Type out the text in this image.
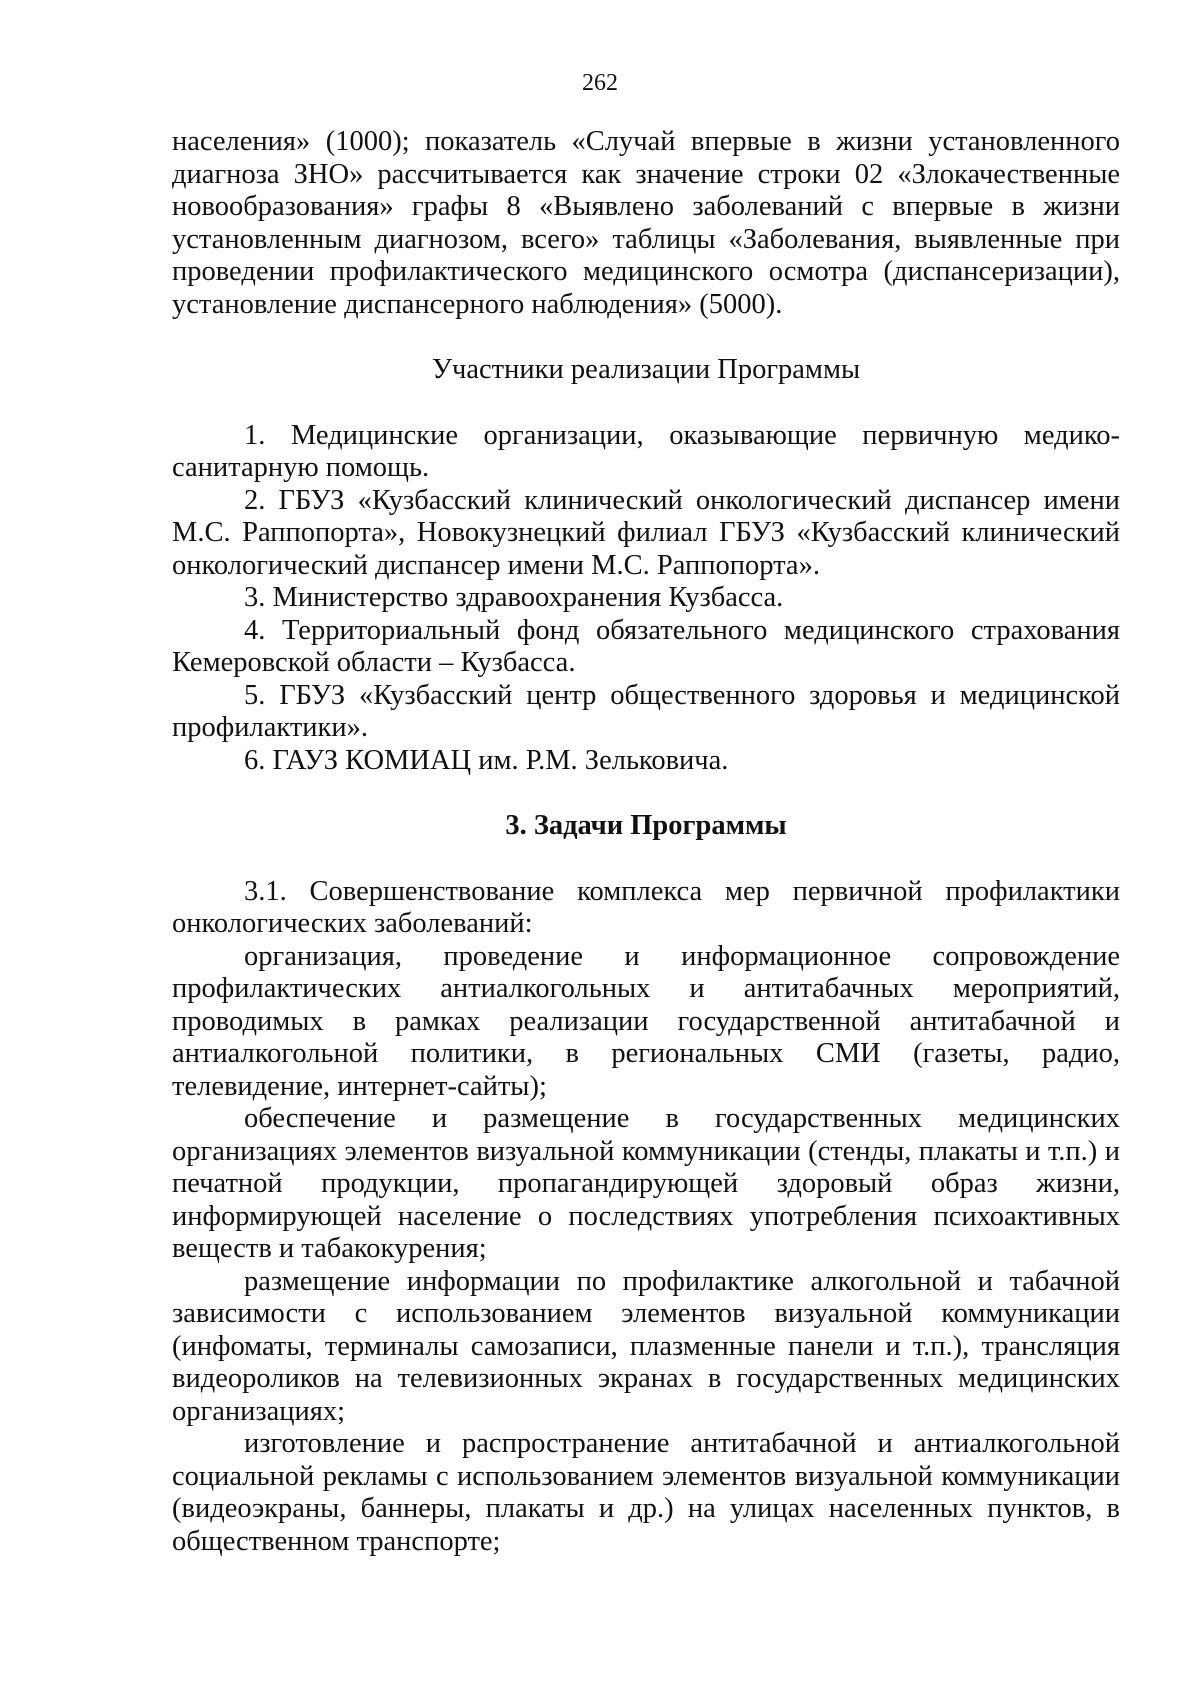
262

населения» (1000); показатель «Случай впервые в жизни установленного диагноза ЗНО» рассчитывается как значение строки 02 «Злокачественные новообразования» графы 8 «Выявлено заболеваний с впервые в жизни установленным диагнозом, всего» таблицы «Заболевания, выявленные при проведении профилактического медицинского осмотра (диспансеризации), установление диспансерного наблюдения» (5000).

Участники реализации Программы

1. Медицинские организации, оказывающие первичную медико-санитарную помощь.

2. ГБУЗ «Кузбасский клинический онкологический диспансер имени М.С. Раппопорта», Новокузнецкий филиал ГБУЗ «Кузбасский клинический онкологический диспансер имени М.С. Раппопорта».

3. Министерство здравоохранения Кузбасса.

4. Территориальный фонд обязательного медицинского страхования Кемеровской области – Кузбасса.

5. ГБУЗ «Кузбасский центр общественного здоровья и медицинской профилактики».

6. ГАУЗ КОМИАЦ им. Р.М. Зельковича.

3. Задачи Программы

3.1. Совершенствование комплекса мер первичной профилактики онкологических заболеваний:

организация, проведение и информационное сопровождение профилактических антиалкогольных и антитабачных мероприятий, проводимых в рамках реализации государственной антитабачной и антиалкогольной политики, в региональных СМИ (газеты, радио, телевидение, интернет-сайты);

обеспечение и размещение в государственных медицинских организациях элементов визуальной коммуникации (стенды, плакаты и т.п.) и печатной продукции, пропагандирующей здоровый образ жизни, информирующей население о последствиях употребления психоактивных веществ и табакокурения;

размещение информации по профилактике алкогольной и табачной зависимости с использованием элементов визуальной коммуникации (инфоматы, терминалы самозаписи, плазменные панели и т.п.), трансляция видеороликов на телевизионных экранах в государственных медицинских организациях;

изготовление и распространение антитабачной и антиалкогольной социальной рекламы с использованием элементов визуальной коммуникации (видеоэкраны, баннеры, плакаты и др.) на улицах населенных пунктов, в общественном транспорте;
